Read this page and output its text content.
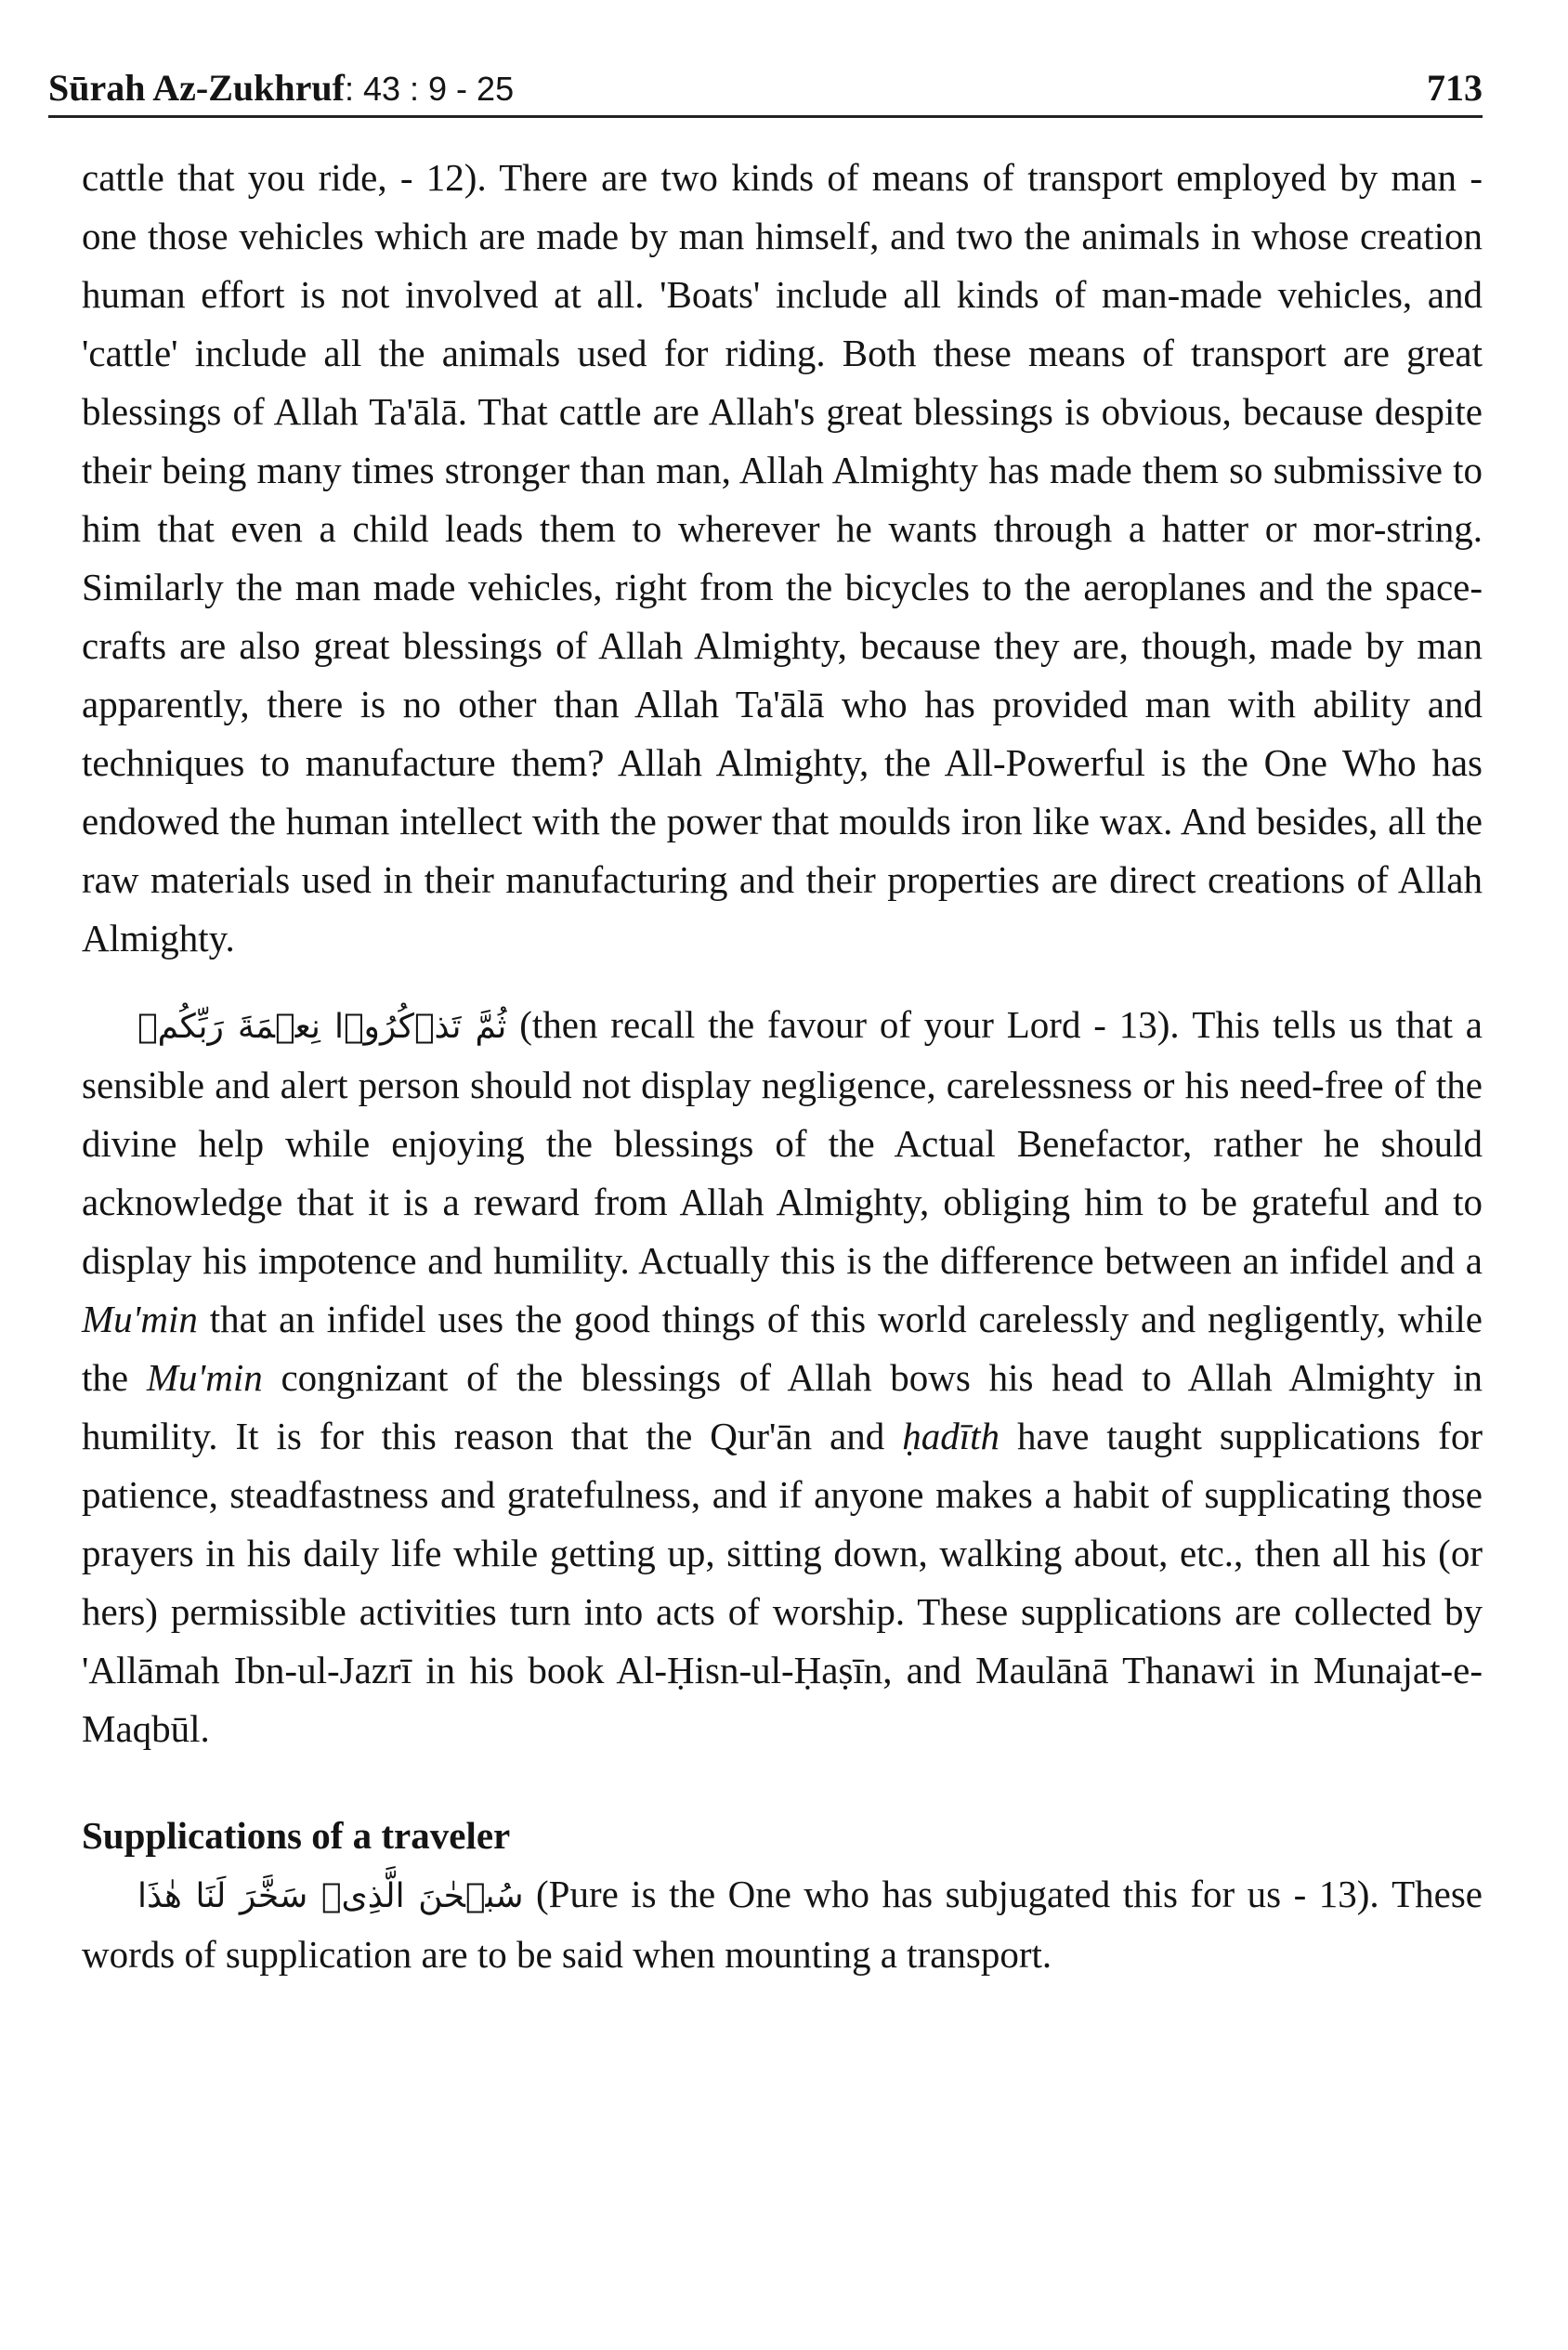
Sūrah Az-Zukhruf: 43 : 9 - 25	713

cattle that you ride, - 12). There are two kinds of means of transport employed by man - one those vehicles which are made by man himself, and two the animals in whose creation human effort is not involved at all. 'Boats' include all kinds of man-made vehicles, and 'cattle' include all the animals used for riding. Both these means of transport are great blessings of Allah Ta'ālā. That cattle are Allah's great blessings is obvious, because despite their being many times stronger than man, Allah Almighty has made them so submissive to him that even a child leads them to wherever he wants through a hatter or mor-string. Similarly the man made vehicles, right from the bicycles to the aeroplanes and the space-crafts are also great blessings of Allah Almighty, because they are, though, made by man apparently, there is no other than Allah Ta'ālā who has provided man with ability and techniques to manufacture them? Allah Almighty, the All-Powerful is the One Who has endowed the human intellect with the power that moulds iron like wax. And besides, all the raw materials used in their manufacturing and their properties are direct creations of Allah Almighty.

ثُمَّ تَذۡكُرُوۡا نِعۡمَةَ رَبِّكُمۡ (then recall the favour of your Lord - 13). This tells us that a sensible and alert person should not display negligence, carelessness or his need-free of the divine help while enjoying the blessings of the Actual Benefactor, rather he should acknowledge that it is a reward from Allah Almighty, obliging him to be grateful and to display his impotence and humility. Actually this is the difference between an infidel and a Mu'min that an infidel uses the good things of this world carelessly and negligently, while the Mu'min congnizant of the blessings of Allah bows his head to Allah Almighty in humility. It is for this reason that the Qur'ān and ḥadīth have taught supplications for patience, steadfastness and gratefulness, and if anyone makes a habit of supplicating those prayers in his daily life while getting up, sitting down, walking about, etc., then all his (or hers) permissible activities turn into acts of worship. These supplications are collected by 'Allāmah Ibn-ul-Jazrī in his book Al-Ḥisn-ul-Ḥaṣīn, and Maulānā Thanawi in Munajat-e-Maqbūl.

Supplications of a traveler

سُبۡحٰنَ الَّذِیۡ سَخَّرَ لَنَا هٰذَا (Pure is the One who has subjugated this for us - 13). These words of supplication are to be said when mounting a transport.
